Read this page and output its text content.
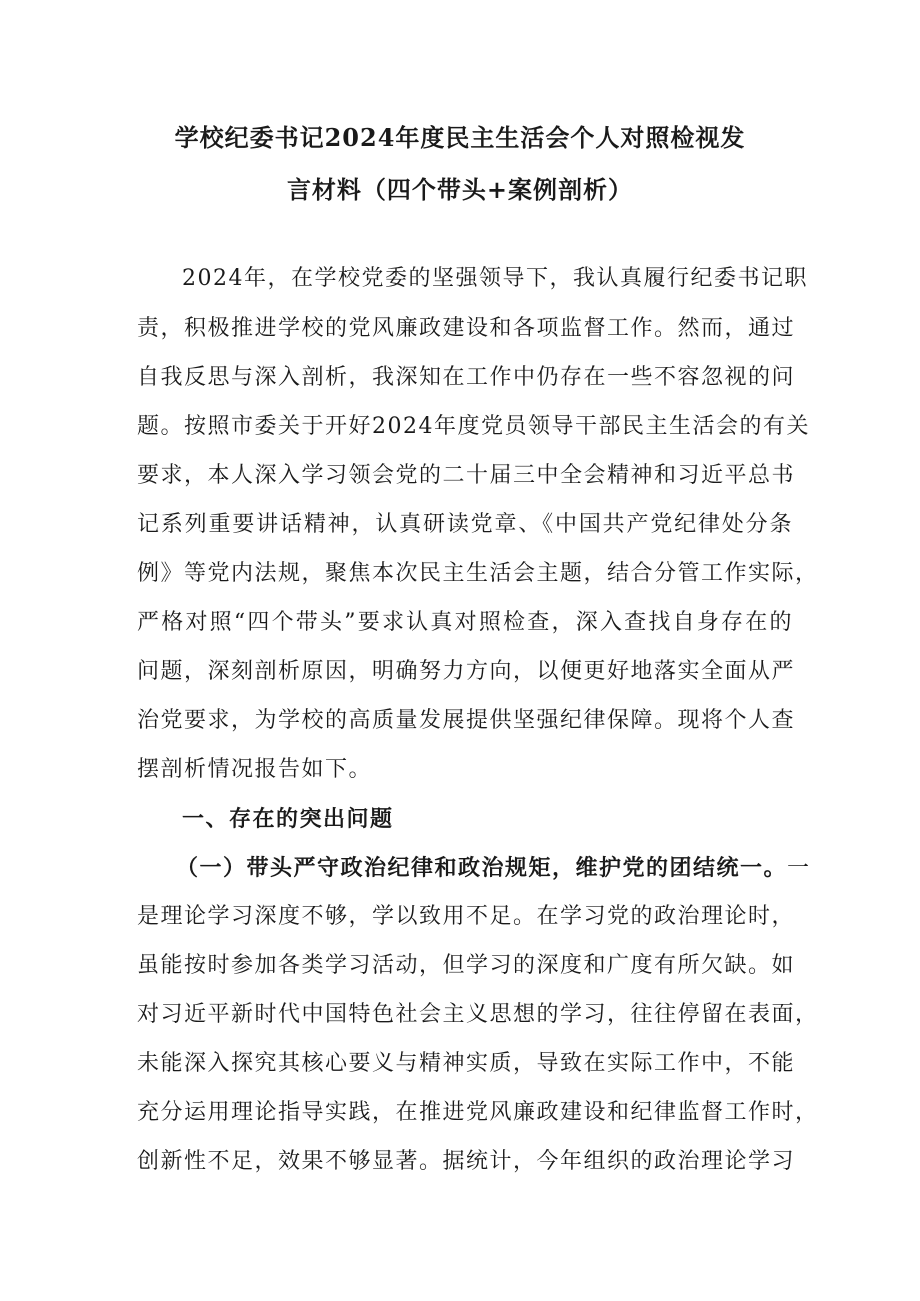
学校纪委书记2024年度民主生活会个人对照检视发
言材料（四个带头+案例剖析）

2024年，在学校党委的坚强领导下，我认真履行纪委书记职

责，积极推进学校的党风廉政建设和各项监督工作。然而，通过

自我反思与深入剖析，我深知在工作中仍存在一些不容忽视的问

题。按照市委关于开好2024年度党员领导干部民主生活会的有关

要求，本人深入学习领会党的二十届三中全会精神和习近平总书

记系列重要讲话精神，认真研读党章、《中国共产党纪律处分条

例》等党内法规，聚焦本次民主生活会主题，结合分管工作实际，

严格对照“四个带头”要求认真对照检查，深入查找自身存在的

问题，深刻剖析原因，明确努力方向，以便更好地落实全面从严

治党要求，为学校的高质量发展提供坚强纪律保障。现将个人查

摆剖析情况报告如下。

一、存在的突出问题

（一）带头严守政治纪律和政治规矩，维护党的团结统一。一

是理论学习深度不够，学以致用不足。在学习党的政治理论时，

虽能按时参加各类学习活动，但学习的深度和广度有所欠缺。如

对习近平新时代中国特色社会主义思想的学习，往往停留在表面，

未能深入探究其核心要义与精神实质，导致在实际工作中，不能

充分运用理论指导实践，在推进党风廉政建设和纪律监督工作时，

创新性不足，效果不够显著。据统计，今年组织的政治理论学习
